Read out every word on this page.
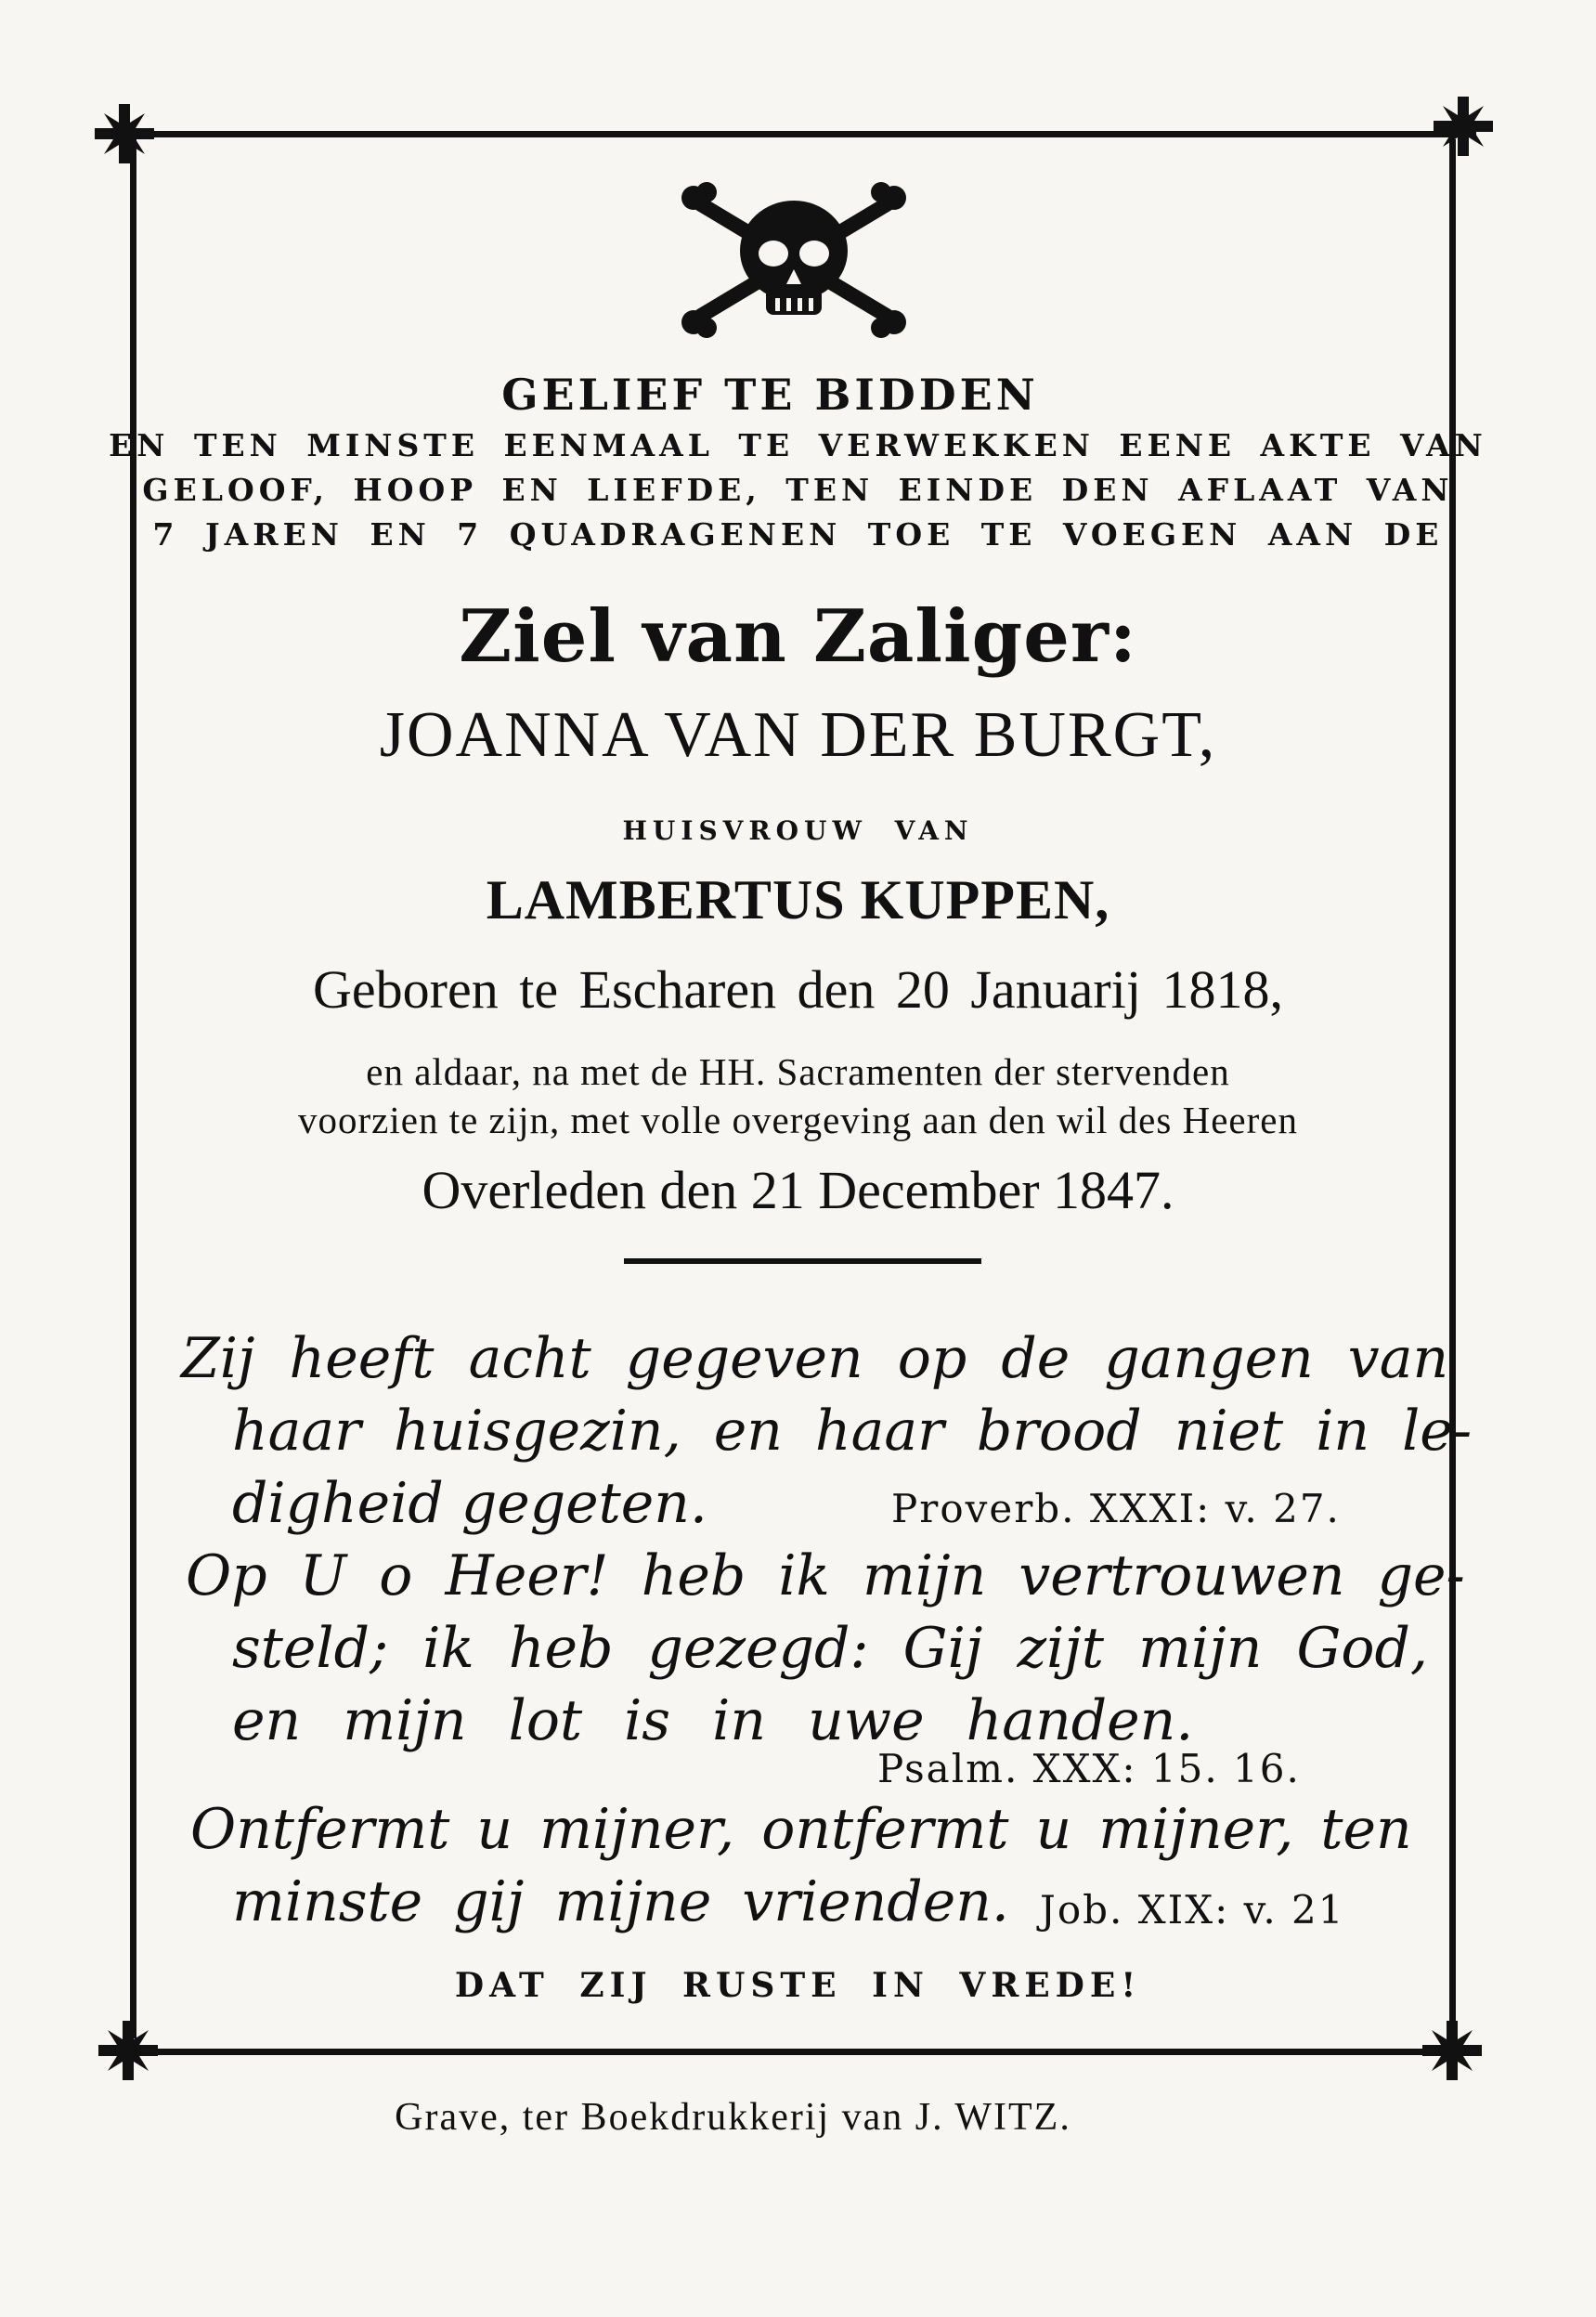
GELIEF TE BIDDEN
EN TEN MINSTE EENMAAL TE VERWEKKEN EENE AKTE VAN
GELOOF, HOOP EN LIEFDE, TEN EINDE DEN AFLAAT VAN
7 JAREN EN 7 QUADRAGENEN TOE TE VOEGEN AAN DE
Ziel van Zaliger:
JOANNA VAN DER BURGT,
HUISVROUW VAN
LAMBERTUS KUPPEN,
Geboren te Escharen den 20 Januarij 1818,
en aldaar, na met de HH. Sacramenten der stervenden
voorzien te zijn, met volle overgeving aan den wil des Heeren
Overleden den 21 December 1847.
Zij heeft acht gegeven op de gangen van
haar huisgezin, en haar brood niet in le-
digheid gegeten.	Proverb. XXXI: v. 27.
Op U o Heer! heb ik mijn vertrouwen ge-
steld; ik heb gezegd: Gij zijt mijn God,
en mijn lot is in uwe handen.
Psalm. XXX: 15. 16.
Ontfermt u mijner, ontfermt u mijner, ten
minste gij mijne vrienden. Job. XIX: v. 21
DAT ZIJ RUSTE IN VREDE!
Grave, ter Boekdrukkerij van J. WITZ.
